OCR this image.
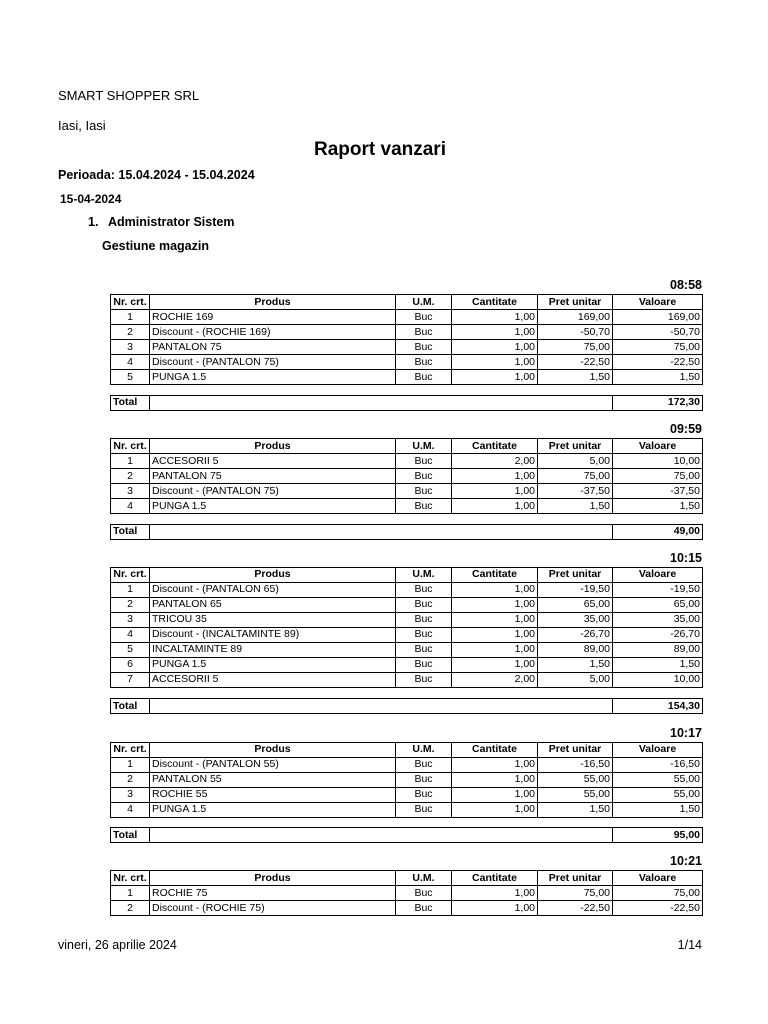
SMART SHOPPER SRL
Iasi, Iasi
Raport vanzari
Perioada: 15.04.2024 - 15.04.2024
15-04-2024
1. Administrator Sistem
Gestiune magazin
08:58
Nr. crt.	Produs	U.M.	Cantitate	Pret unitar	Valoare
1	ROCHIE 169	Buc	1,00	169,00	169,00
2	Discount - (ROCHIE 169)	Buc	1,00	-50,70	-50,70
3	PANTALON 75	Buc	1,00	75,00	75,00
4	Discount - (PANTALON 75)	Buc	1,00	-22,50	-22,50
5	PUNGA 1.5	Buc	1,00	1,50	1,50
Total		172,30
09:59
Nr. crt.	Produs	U.M.	Cantitate	Pret unitar	Valoare
1	ACCESORII 5	Buc	2,00	5,00	10,00
2	PANTALON 75	Buc	1,00	75,00	75,00
3	Discount - (PANTALON 75)	Buc	1,00	-37,50	-37,50
4	PUNGA 1.5	Buc	1,00	1,50	1,50
Total		49,00
10:15
Nr. crt.	Produs	U.M.	Cantitate	Pret unitar	Valoare
1	Discount - (PANTALON 65)	Buc	1,00	-19,50	-19,50
2	PANTALON 65	Buc	1,00	65,00	65,00
3	TRICOU 35	Buc	1,00	35,00	35,00
4	Discount - (INCALTAMINTE 89)	Buc	1,00	-26,70	-26,70
5	INCALTAMINTE 89	Buc	1,00	89,00	89,00
6	PUNGA 1.5	Buc	1,00	1,50	1,50
7	ACCESORII 5	Buc	2,00	5,00	10,00
Total		154,30
10:17
Nr. crt.	Produs	U.M.	Cantitate	Pret unitar	Valoare
1	Discount - (PANTALON 55)	Buc	1,00	-16,50	-16,50
2	PANTALON 55	Buc	1,00	55,00	55,00
3	ROCHIE 55	Buc	1,00	55,00	55,00
4	PUNGA 1.5	Buc	1,00	1,50	1,50
Total		95,00
10:21
Nr. crt.	Produs	U.M.	Cantitate	Pret unitar	Valoare
1	ROCHIE 75	Buc	1,00	75,00	75,00
2	Discount - (ROCHIE 75)	Buc	1,00	-22,50	-22,50
vineri, 26 aprilie 2024	1/14
